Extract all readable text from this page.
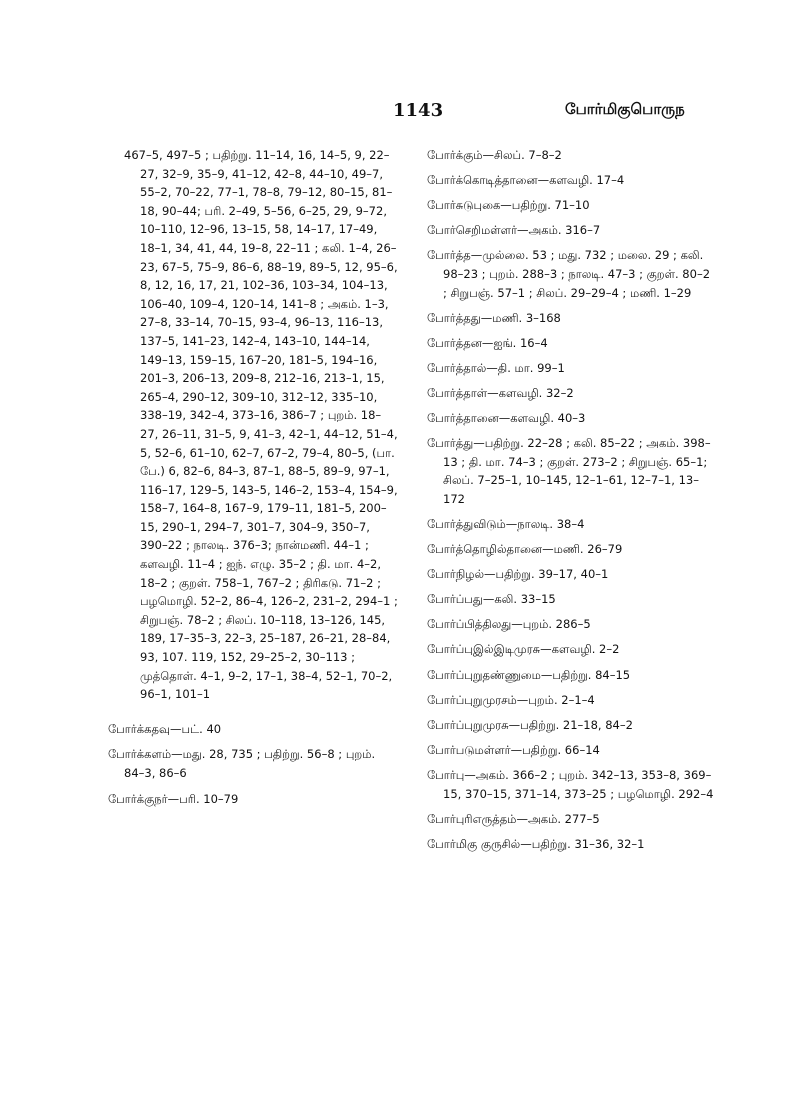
1143	போர்மிகுபொருந
467–5, 497–5 ; பதிற்று. 11–14, 16, 14–5, 9, 22–27, 32–9, 35–9, 41–12, 42–8, 44–10, 49–7, 55–2, 70–22, 77–1, 78–8, 79–12, 80–15, 81–18, 90–44; பரி. 2–49, 5–56, 6–25, 29, 9–72, 10–110, 12–96, 13–15, 58, 14–17, 17–49, 18–1, 34, 41, 44, 19–8, 22–11 ; கலி. 1–4, 26–23, 67–5, 75–9, 86–6, 88–19, 89–5, 12, 95–6, 8, 12, 16, 17, 21, 102–36, 103–34, 104–13, 106–40, 109–4, 120–14, 141–8 ; அகம். 1–3, 27–8, 33–14, 70–15, 93–4, 96–13, 116–13, 137–5, 141–23, 142–4, 143–10, 144–14, 149–13, 159–15, 167–20, 181–5, 194–16, 201–3, 206–13, 209–8, 212–16, 213–1, 15, 265–4, 290–12, 309–10, 312–12, 335–10, 338–19, 342–4, 373–16, 386–7 ; புறம். 18–27, 26–11, 31–5, 9, 41–3, 42–1, 44–12, 51–4, 5, 52–6, 61–10, 62–7, 67–2, 79–4, 80–5, (பா. பே.) 6, 82–6, 84–3, 87–1, 88–5, 89–9, 97–1, 116–17, 129–5, 143–5, 146–2, 153–4, 154–9, 158–7, 164–8, 167–9, 179–11, 181–5, 200–15, 290–1, 294–7, 301–7, 304–9, 350–7, 390–22 ; நாலடி. 376–3; நான்மணி. 44–1 ; களவழி. 11–4 ; ஐந். எழு. 35–2 ; தி. மா. 4–2, 18–2 ; குறள். 758–1, 767–2 ; திரிகடு. 71–2 ; பழமொழி. 52–2, 86–4, 126–2, 231–2, 294–1 ; சிறுபஞ். 78–2 ; சிலப். 10–118, 13–126, 145, 189, 17–35–3, 22–3, 25–187, 26–21, 28–84, 93, 107. 119, 152, 29–25–2, 30–113 ; முத்தொள். 4–1, 9–2, 17–1, 38–4, 52–1, 70–2, 96–1, 101–1
போர்க்கதவு—பட். 40
போர்க்களம்—மது. 28, 735 ; பதிற்று. 56–8 ; புறம். 84–3, 86–6
போர்க்குநர்—பரி. 10–79
போர்க்கும்—சிலப். 7–8–2
போர்க்கொடித்தானை—களவழி. 17–4
போர்சுடுபுகை—பதிற்று. 71–10
போர்செறிமள்ளர்—அகம். 316–7
போர்த்த—முல்லை. 53 ; மது. 732 ; மலை. 29 ; கலி. 98–23 ; புறம். 288–3 ; நாலடி. 47–3 ; குறள். 80–2 ; சிறுபஞ். 57–1 ; சிலப். 29–29–4 ; மணி. 1–29
போர்த்தது—மணி. 3–168
போர்த்தன—ஐங். 16–4
போர்த்தால்—தி. மா. 99–1
போர்த்தாள்—களவழி. 32–2
போர்த்தானை—களவழி. 40–3
போர்த்து—பதிற்று. 22–28 ; கலி. 85–22 ; அகம். 398–13 ; தி. மா. 74–3 ; குறள். 273–2 ; சிறுபஞ். 65–1; சிலப். 7–25–1, 10–145, 12–1–61, 12–7–1, 13–172
போர்த்துவிடும்—நாலடி. 38–4
போர்த்தொழில்தானை—மணி. 26–79
போர்நிழல்—பதிற்று. 39–17, 40–1
போர்ப்பது—கலி. 33–15
போர்ப்பித்திலது—புறம். 286–5
போர்ப்புஇல்இடிமுரசு—களவழி. 2–2
போர்ப்புறுதண்ணுமை—பதிற்று. 84–15
போர்ப்புறுமுரசம்—புறம். 2–1–4
போர்ப்புறுமுரசு—பதிற்று. 21–18, 84–2
போர்படுமள்ளர்—பதிற்று. 66–14
போர்பு—அகம். 366–2 ; புறம். 342–13, 353–8, 369–15, 370–15, 371–14, 373–25 ; பழமொழி. 292–4
போர்புரிஎருத்தம்—அகம். 277–5
போர்மிகு குருசில்—பதிற்று. 31–36, 32–1
